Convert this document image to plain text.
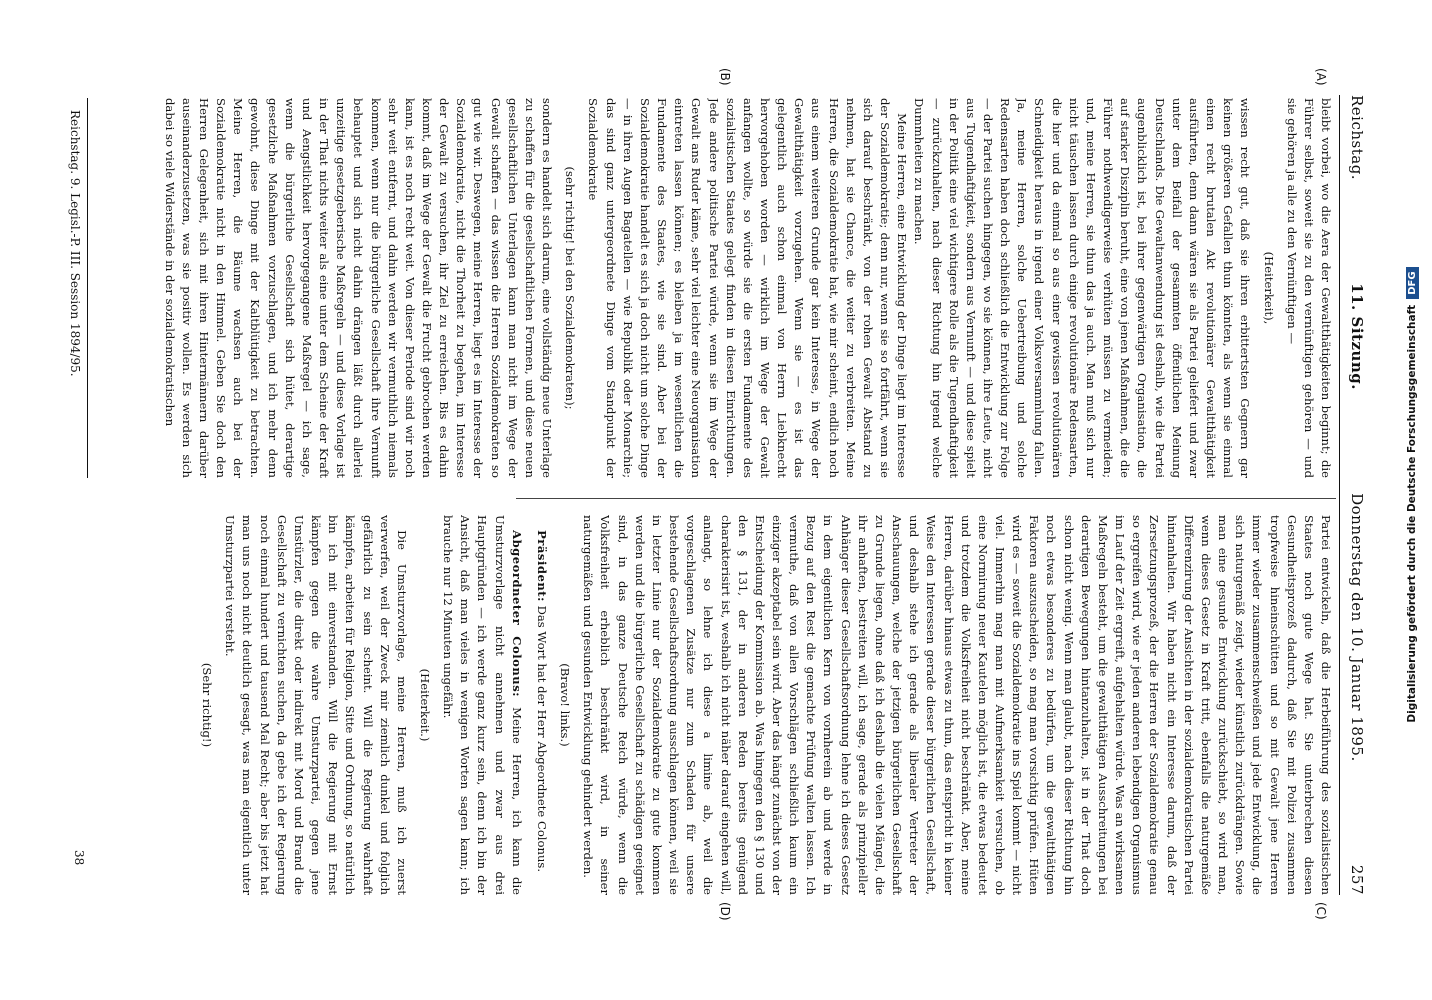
Reichstag.
11. Sitzung.
Donnerstag den 10. Januar 1895.
257
(A)
(B)
(C)
(D)

bleibt vorbei, wo die Aera der Gewaltthätigkeiten beginnt; die Führer selbst, soweit sie zu den vernünftigen gehören — und sie gehören ja alle zu den Vernünftigen —

(Heiterkeit),

wissen recht gut, daß sie ihren erbittertsten Gegnern gar keinen größeren Gefallen thun könnten, als wenn sie einmal einen recht brutalen Akt revolutionärer Gewaltthätigkeit ausführten, denn dann wären sie als Partei geliefert und zwar unter dem Beifall der gesammten öffentlichen Meinung Deutschlands. Die Gewaltanwendung ist deshalb, wie die Partei augenblicklich ist, bei ihrer gegenwärtigen Organisation, die auf starker Disziplin beruht, eine von jenen Maßnahmen, die die Führer nothwendigerweise verhüten müssen zu vermeiden; und, meine Herren, sie thun das ja auch. Man muß sich nur nicht täuschen lassen durch einige revolutionäre Redensarten, die hier und da einmal so aus einer gewissen revolutionären Schneidigkeit heraus in irgend einer Volksversammlung fallen. Ja, meine Herren, solche Uebertreibung und solche Redensarten haben doch schließlich die Entwicklung zur Folge — der Partei suchen hingegen, wo sie können, ihre Leute, nicht aus Tugendhaftigkeit, sondern aus Vernunft — und diese spielt in der Politik eine viel wichtigere Rolle als die Tugendhaftigkeit — zurückzuhalten, nach dieser Richtung hin irgend welche Dummheiten zu machen.

Meine Herren, eine Entwicklung der Dinge liegt im Interesse der Sozialdemokratie; denn nur, wenn sie so fortfährt, wenn sie sich darauf beschränkt, von der rohen Gewalt Abstand zu nehmen, hat sie Chance, die weiter zu verbreiten. Meine Herren, die Sozialdemokratie hat, wie mir scheint, endlich noch aus einem weiteren Grunde gar kein Interesse, in Wege der Gewaltthätigkeit vorzugehen. Wenn sie — es ist das gelegentlich auch schon einmal von Herrn Liebknecht hervorgehoben worden — wirklich im Wege der Gewalt anfangen wollte, so würde sie die ersten Fundamente des sozialistischen Staates gelegt finden in diesen Einrichtungen. Jede andere politische Partei würde, wenn sie im Wege der Gewalt ans Ruder käme, sehr viel leichter eine Neuorganisation eintreten lassen können; es bleiben ja im wesentlichen die Fundamente des Staates, wie sie sind. Aber bei der Sozialdemokratie handelt es sich ja doch nicht um solche Dinge — in ihren Augen Bagatellen — wie Republik oder Monarchie; das sind ganz untergeordnete Dinge vom Standpunkt der Sozialdemokratie

(sehr richtig! bei den Sozialdemokraten);

sondern es handelt sich darum, eine vollständig neue Unterlage zu schaffen für die gesellschaftlichen Formen, und diese neuen gesellschaftlichen Unterlagen kann man nicht im Wege der Gewalt schaffen — das wissen die Herren Sozialdemokraten so gut wie wir. Deswegen, meine Herren, liegt es im Interesse der Sozialdemokratie, nicht die Thorheit zu begehen, im Interesse der Gewalt zu versuchen, ihr Ziel zu erreichen. Bis es dahin kommt, daß im Wege der Gewalt die Frucht gebrochen werden kann, ist es noch recht weit. Von dieser Periode sind wir noch sehr weit entfernt, und dahin werden wir vermuthlich niemals kommen, wenn nur die bürgerliche Gesellschaft ihre Vernunft behauptet und sich nicht dahin drängen läßt durch allerlei unzeitige gesetzgeberische Maßregeln — und diese Vorlage ist in der That nichts weiter als eine unter dem Scheine der Kraft und Aengstlichkeit hervorgegangene Maßregel — ich sage, wenn die bürgerliche Gesellschaft sich hütet, derartige gesetzliche Maßnahmen vorzuschlagen, und ich mehr denn gewohnt, diese Dinge mit der Kaltblütigkeit zu betrachten. Meine Herren, die Bäume wachsen auch bei der Sozialdemokratie nicht in den Himmel. Geben Sie doch den Herren Gelegenheit, sich mit ihren Hintermännern darüber auseinanderzusetzen, was sie positiv wollen. Es werden sich dabei so viele Widerstände in der sozialdemokratischen

Reichstag. 9. Legisl.-P. III. Session 1894/95.
38	Partei entwickeln, daß die Herbeiführung des sozialistischen Staates noch gute Wege hat. Sie unterbrechen diesen Gesundheitsprozeß dadurch, daß Sie mit Polizei zusammen tropfweise hineinschütten und so mit Gewalt jene Herren immer wieder zusammenschweißen und jede Entwicklung, die sich naturgemäß zeigt, wieder künstlich zurückdrängen. Sowie man eine gesunde Entwicklung zurückschiebt, so wird man, wenn dieses Gesetz in Kraft tritt, ebenfalls die naturgemäße Differenzirung der Ansichten in der sozialdemokratischen Partei hintanhalten. Wir haben nicht ein Interesse darum, daß der Zersetzungsprozeß, der die Herren der Sozialdemokratie genau so ergreifen wird, wie er jeden anderen lebendigen Organismus im Lauf der Zeit ergreift, aufgehalten würde. Was an wirksamen Maßregeln besteht, um die gewaltthätigen Ausschreitungen bei derartigen Bewegungen hintanzuhalten, ist in der That doch schon nicht wenig. Wenn man glaubt, nach dieser Richtung hin noch etwas besonderes zu bedürfen, um die gewaltthätigen Faktoren auszuscheiden, so mag man vorsichtig prüfen. Hüten wird es — soweit die Sozialdemokratie ins Spiel kommt — nicht viel. Immerhin mag man mit Aufmerksamkeit versuchen, ob eine Normirung neuer Kautelen möglich ist, die etwas bedeutet und trotzdem die Volksfreiheit nicht beschränkt. Aber, meine Herren, darüber hinaus etwas zu thun, das entspricht in keiner Weise den Interessen gerade dieser bürgerlichen Gesellschaft, und deshalb stehe ich gerade als liberaler Vertreter der Anschauungen, welche der jetzigen bürgerlichen Gesellschaft zu Grunde liegen, ohne daß ich deshalb die vielen Mängel, die ihr anhaften, bestreiten will, ich sage, gerade als prinzipieller Anhänger dieser Gesellschaftsordnung lehne ich dieses Gesetz in dem eigentlichen Kern von vornherein ab und werde in Bezug auf den Rest die gemachte Prüfung walten lassen. Ich vermuthe, daß von allen Vorschlägen schließlich kaum ein einziger akzeptabel sein wird. Aber das hängt zunächst von der Entscheidung der Kommission ab. Was hingegen den § 130 und den § 131, der in anderen Reden bereits genügend charakterisirt ist, weshalb ich nicht näher darauf eingehen will, anlangt, so lehne ich diese a limine ab, weil die vorgeschlagenen Zusätze nur zum Schaden für unsere bestehende Gesellschaftsordnung ausschlagen können, weil sie in letzter Linie nur der Sozialdemokratie zu gute kommen werden und die bürgerliche Gesellschaft zu schädigen geeignet sind, in das ganze Deutsche Reich würde, wenn die Volksfreiheit erheblich beschränkt wird, in seiner naturgemäßen und gesunden Entwicklung gehindert werden.

(Bravo! links.)

Präsident: Das Wort hat der Herr Abgeordnete Colonus.

Abgeordneter Colonus: Meine Herren, ich kann die Umsturzvorlage nicht annehmen und zwar aus drei Hauptgründen — ich werde ganz kurz sein, denn ich bin der Ansicht, daß man vieles in wenigen Worten sagen kann; ich brauche nur 12 Minuten ungefähr.

(Heiterkeit.)

Die Umsturzvorlage, meine Herren, muß ich zuerst verwerfen, weil der Zweck mir ziemlich dunkel und folglich gefährlich zu sein scheint. Will die Regierung wahrhaft kämpfen, arbeiten für Religion, Sitte und Ordnung, so natürlich bin ich mit einverstanden. Will die Regierung mit Ernst kämpfen gegen die wahre Umsturzpartei, gegen jene Umstürzler, die direkt oder indirekt mit Mord und Brand die Gesellschaft zu vernichten suchen, da gebe ich der Regierung noch einmal hundert und tausend Mal Recht; aber bis jetzt hat man uns noch nicht deutlich gesagt, was man eigentlich unter Umsturzpartei versteht.

(Sehr richtig!)	Digitalisierung gefördert durch die Deutsche Forschungsgemeinschaft
DFG
